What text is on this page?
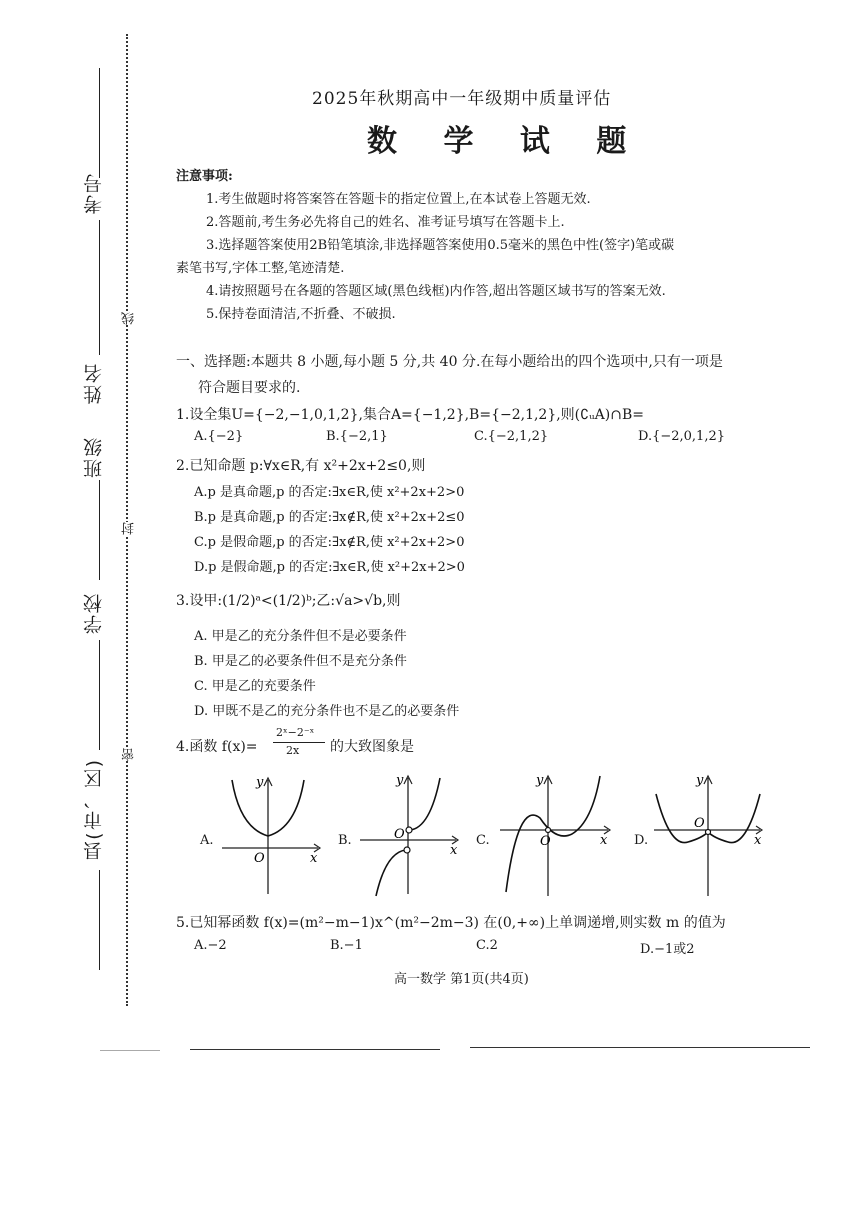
考号
姓名
班级
学校
县(市、区)
线
封
密
2025年秋期高中一年级期中质量评估
数 学 试 题
注意事项:
1.考生做题时将答案答在答题卡的指定位置上,在本试卷上答题无效.
2.答题前,考生务必先将自己的姓名、准考证号填写在答题卡上.
3.选择题答案使用2B铅笔填涂,非选择题答案使用0.5毫米的黑色中性(签字)笔或碳
素笔书写,字体工整,笔迹清楚.
4.请按照题号在各题的答题区域(黑色线框)内作答,超出答题区域书写的答案无效.
5.保持卷面清洁,不折叠、不破损.
一、选择题:本题共 8 小题,每小题 5 分,共 40 分.在每小题给出的四个选项中,只有一项是
符合题目要求的.
1.设全集U={−2,−1,0,1,2},集合A={−1,2},B={−2,1,2},则(∁ᵤA)∩B=
A.{−2}	B.{−2,1}	C.{−2,1,2}	D.{−2,0,1,2}
2.已知命题 p:∀x∈R,有 x²+2x+2≤0,则
A.p 是真命题,p 的否定:∃x∈R,使 x²+2x+2>0
B.p 是真命题,p 的否定:∃x∉R,使 x²+2x+2≤0
C.p 是假命题,p 的否定:∃x∉R,使 x²+2x+2>0
D.p 是假命题,p 的否定:∃x∈R,使 x²+2x+2>0
3.设甲:(1/2)ᵃ<(1/2)ᵇ;乙:√a>√b,则
A. 甲是乙的充分条件但不是必要条件
B. 甲是乙的必要条件但不是充分条件
C. 甲是乙的充要条件
D. 甲既不是乙的充分条件也不是乙的必要条件
4.函数 f(x)=
2ˣ−2⁻ˣ
2x 的大致图象是
A.	B.	C.	D.
y
x
O
y
x
O
y
x
O
y
x
O
5.已知幂函数 f(x)=(m²−m−1)x^(m²−2m−3) 在(0,+∞)上单调递增,则实数 m 的值为
A.−2	B.−1	C.2	D.−1或2
高一数学 第1页(共4页)
